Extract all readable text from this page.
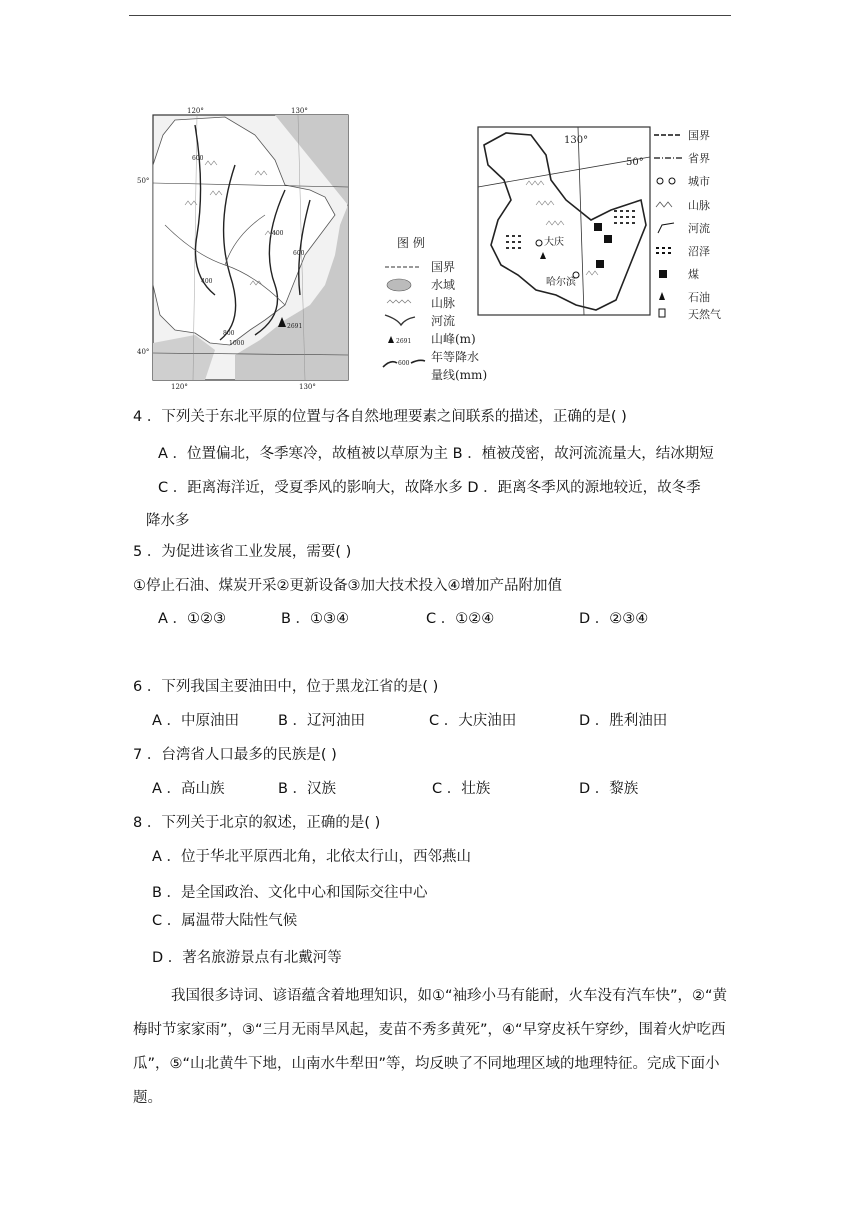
2691
600
400
400
600
800
1000
50°
40°
120°	130°
120°	130°
图 例
国界
水域
山脉
河流
2691 山峰(m)
600 年等降水
量线(mm)
130°
50°
大庆
哈尔滨
国界
省界
城市
山脉
河流
沼泽
煤
石油
天然气
4 ．下列关于东北平原的位置与各自然地理要素之间联系的描述，正确的是( )
A ．位置偏北，冬季寒冷，故植被以草原为主 B ．植被茂密，故河流流量大，结冰期短
C ．距离海洋近，受夏季风的影响大，故降水多 D ．距离冬季风的源地较近，故冬季
降水多
5 ．为促进该省工业发展，需要( )
①停止石油、煤炭开采②更新设备③加大技术投入④增加产品附加值
A ．①②③	B ．①③④	C ．①②④	D ．②③④
6 ．下列我国主要油田中，位于黑龙江省的是( )
A ．中原油田	B ．辽河油田	C ．大庆油田	D ．胜利油田
7 ．台湾省人口最多的民族是( )
A ．高山族	B ．汉族	C ．壮族	D ．黎族
8 ．下列关于北京的叙述，正确的是( )
A ．位于华北平原西北角，北依太行山，西邻燕山
B ．是全国政治、文化中心和国际交往中心
C ．属温带大陆性气候
D ．著名旅游景点有北戴河等
我国很多诗词、谚语蕴含着地理知识，如①“袖珍小马有能耐，火车没有汽车快”，②“黄梅时节家家雨”，③“三月无雨旱风起，麦苗不秀多黄死”，④“早穿皮袄午穿纱，围着火炉吃西瓜”，⑤“山北黄牛下地，山南水牛犁田”等，均反映了不同地理区域的地理特征。完成下面小题。
